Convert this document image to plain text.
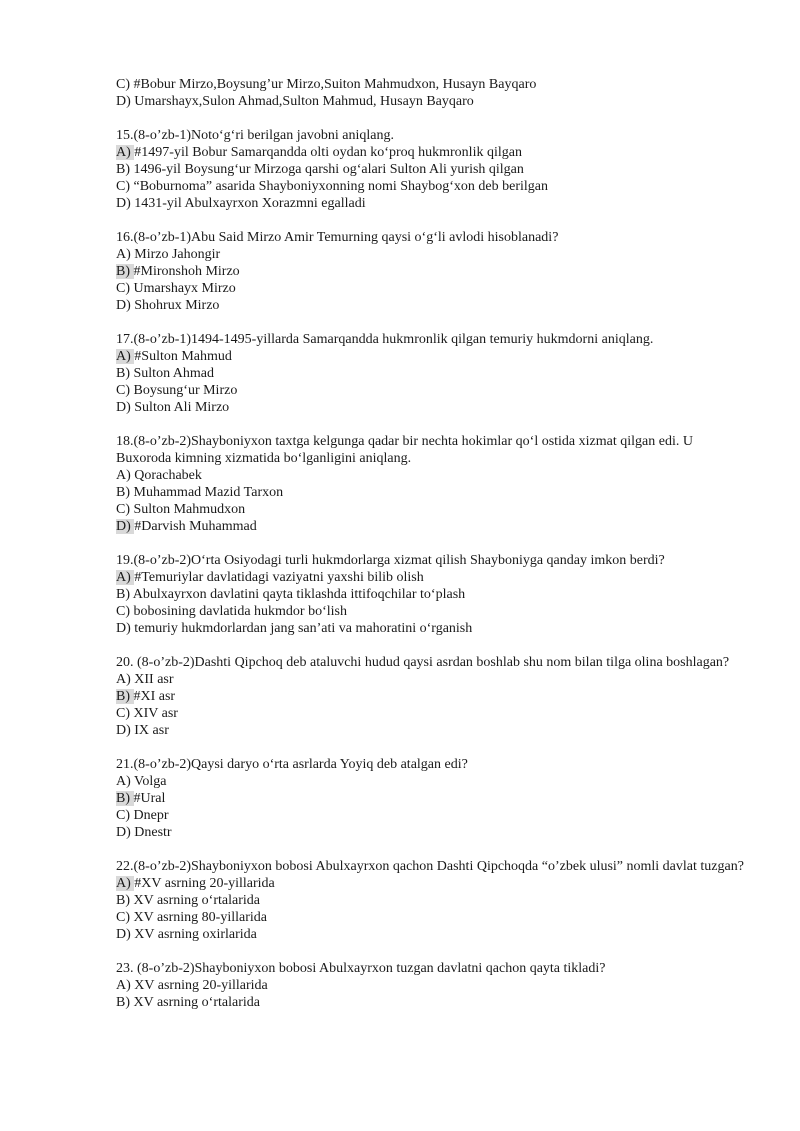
C) #Bobur Mirzo,Boysung’ur Mirzo,Suiton Mahmudxon, Husayn Bayqaro
D) Umarshayx,Sulon Ahmad,Sulton Mahmud, Husayn Bayqaro
15.(8-o’zb-1)Noto‘g‘ri berilgan javobni aniqlang.
A) #1497-yil Bobur Samarqandda olti oydan ko‘proq hukmronlik qilgan
B) 1496-yil Boysung‘ur Mirzoga qarshi og‘alari Sulton Ali yurish qilgan
C) “Boburnoma” asarida Shayboniyxonning nomi Shaybog‘xon deb berilgan
D) 1431-yil Abulxayrxon Xorazmni egalladi
16.(8-o’zb-1)Abu Said Mirzo Amir Temurning qaysi o‘g‘li avlodi hisoblanadi?
A) Mirzo Jahongir
B) #Mironshoh Mirzo
C) Umarshayx Mirzo
D) Shohrux Mirzo
17.(8-o’zb-1)1494-1495-yillarda Samarqandda hukmronlik qilgan temuriy hukmdorni aniqlang.
A) #Sulton Mahmud
B) Sulton Ahmad
C) Boysung‘ur Mirzo
D) Sulton Ali Mirzo
18.(8-o’zb-2)Shayboniyxon taxtga kelgunga qadar bir nechta hokimlar qo‘l ostida xizmat qilgan edi. U Buxoroda kimning xizmatida bo‘lganligini aniqlang.
A) Qorachabek
B) Muhammad Mazid Tarxon
C) Sulton Mahmudxon
D) #Darvish Muhammad
19.(8-o’zb-2)O‘rta Osiyodagi turli hukmdorlarga xizmat qilish Shayboniyga qanday imkon berdi?
A) #Temuriylar davlatidagi vaziyatni yaxshi bilib olish
B) Abulxayrxon davlatini qayta tiklashda ittifoqchilar to‘plash
C) bobosining davlatida hukmdor bo‘lish
D) temuriy hukmdorlardan jang san’ati va mahoratini o‘rganish
20. (8-o’zb-2)Dashti Qipchoq deb ataluvchi hudud qaysi asrdan boshlab shu nom bilan tilga olina boshlagan?
A) XII asr
B) #XI asr
C) XIV asr
D) IX asr
21.(8-o’zb-2)Qaysi daryo o‘rta asrlarda Yoyiq deb atalgan edi?
A) Volga
B) #Ural
C) Dnepr
D) Dnestr
22.(8-o’zb-2)Shayboniyxon bobosi Abulxayrxon qachon Dashti Qipchoqda “o’zbek ulusi” nomli davlat tuzgan?
A) #XV asrning 20-yillarida
B) XV asrning o‘rtalarida
C) XV asrning 80-yillarida
D) XV asrning oxirlarida
23. (8-o’zb-2)Shayboniyxon bobosi Abulxayrxon tuzgan davlatni qachon qayta tikladi?
A) XV asrning 20-yillarida
B) XV asrning o‘rtalarida
